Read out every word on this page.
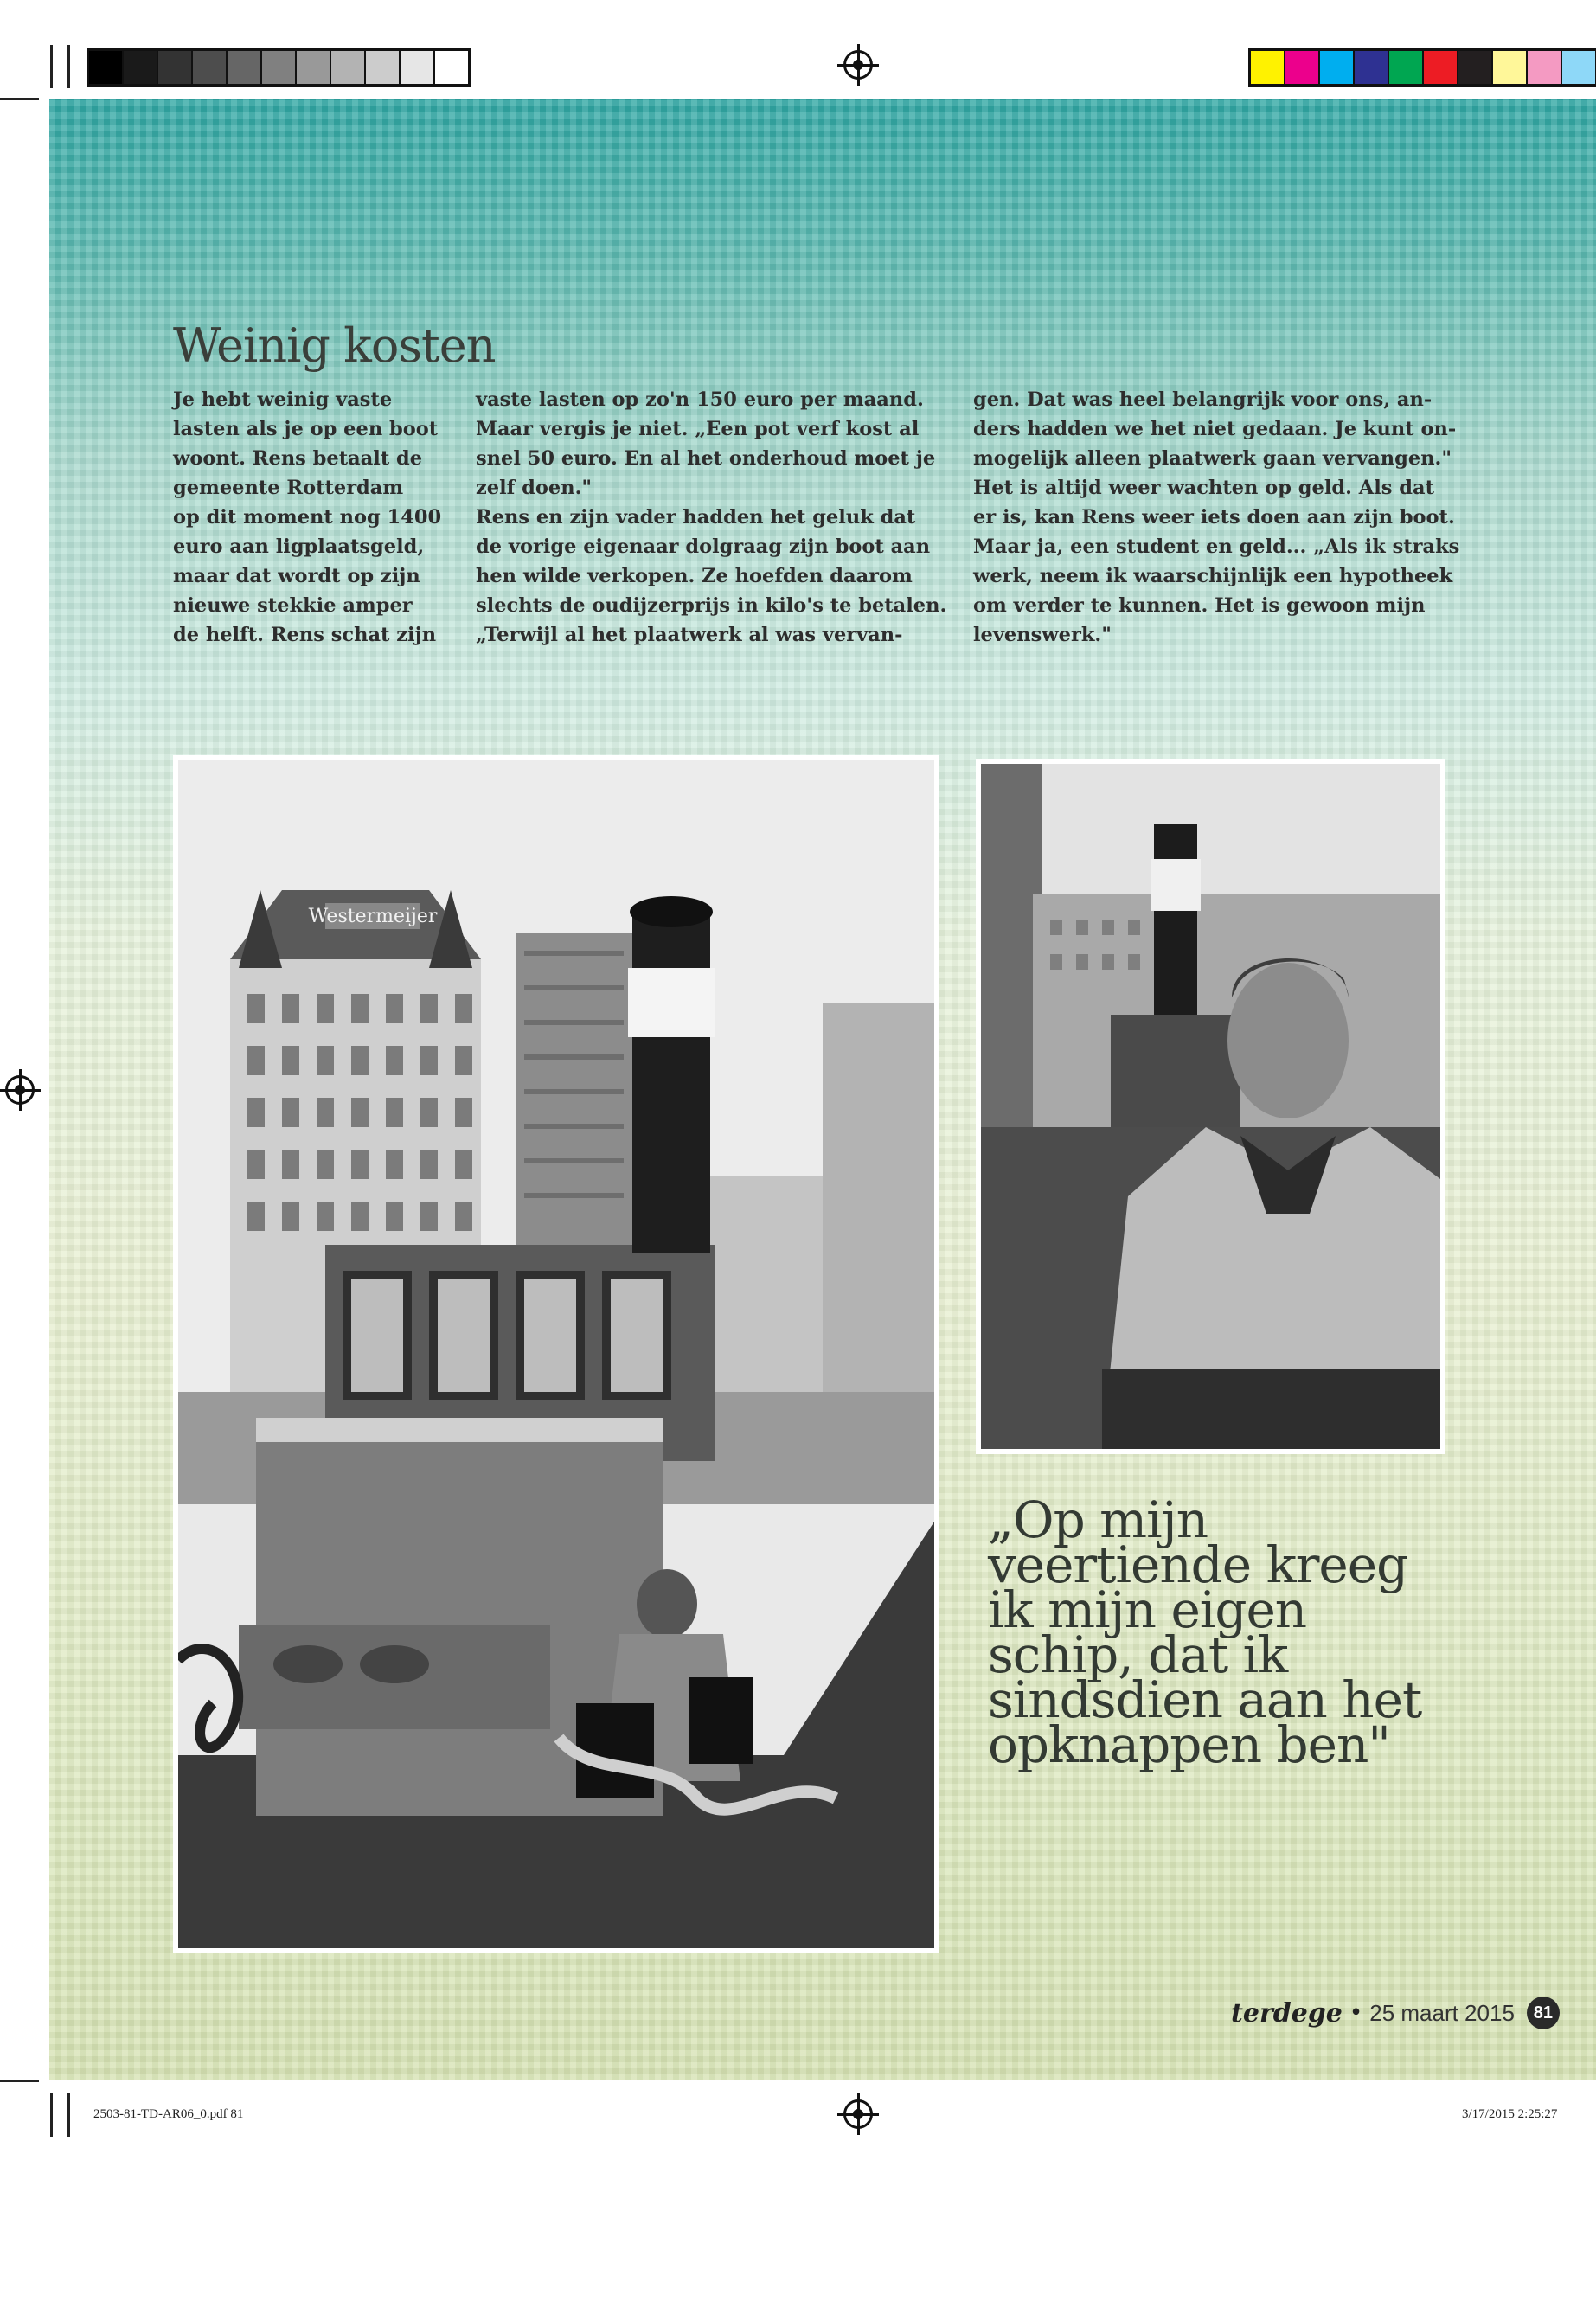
Weinig kosten
Je hebt weinig vaste
lasten als je op een boot
woont. Rens betaalt de
gemeente Rotterdam
op dit moment nog 1400
euro aan ligplaatsgeld,
maar dat wordt op zijn
nieuwe stekkie amper
de helft. Rens schat zijn
vaste lasten op zo'n 150 euro per maand.
Maar vergis je niet. „Een pot verf kost al
snel 50 euro. En al het onderhoud moet je
zelf doen."
Rens en zijn vader hadden het geluk dat
de vorige eigenaar dolgraag zijn boot aan
hen wilde verkopen. Ze hoefden daarom
slechts de oudijzerprijs in kilo's te betalen.
„Terwijl al het plaatwerk al was vervan-
gen. Dat was heel belangrijk voor ons, an-
ders hadden we het niet gedaan. Je kunt on-
mogelijk alleen plaatwerk gaan vervangen."
Het is altijd weer wachten op geld. Als dat
er is, kan Rens weer iets doen aan zijn boot.
Maar ja, een student en geld... „Als ik straks
werk, neem ik waarschijnlijk een hypotheek
om verder te kunnen. Het is gewoon mijn
levenswerk."
Westermeijer
„Op mijn veertiende kreeg ik mijn eigen schip, dat ik sindsdien aan het opknappen ben"
terdege • 25 maart 2015	81
2503-81-TD-AR06_0.pdf 81	3/17/2015 2:25:27
